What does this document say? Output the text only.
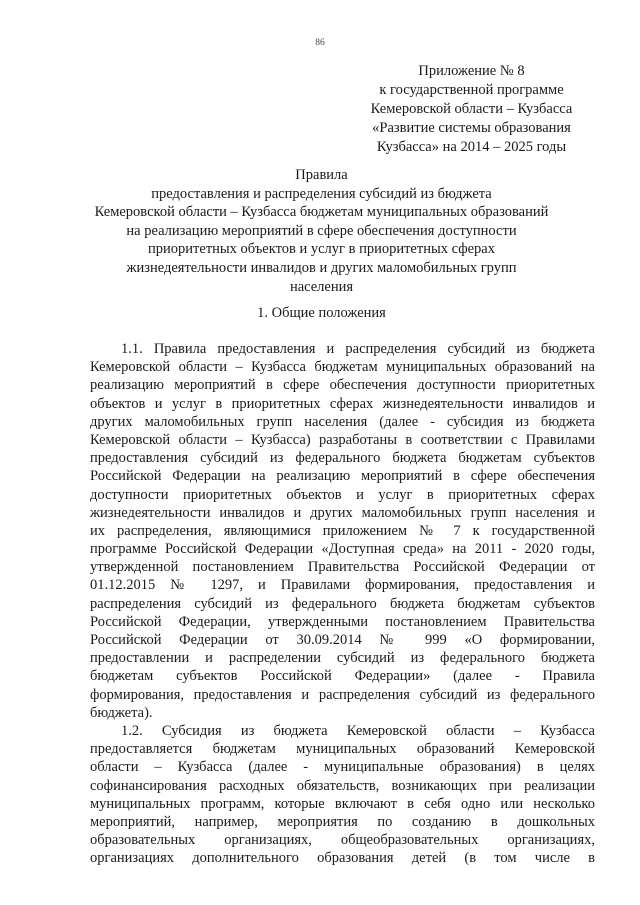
86
Приложение № 8
к государственной программе
Кемеровской области – Кузбасса
«Развитие системы образования
Кузбасса» на 2014 – 2025 годы
Правила
предоставления и распределения субсидий из бюджета
Кемеровской области – Кузбасса бюджетам муниципальных образований
на реализацию мероприятий в сфере обеспечения доступности
приоритетных объектов и услуг в приоритетных сферах
жизнедеятельности инвалидов и других маломобильных групп
населения
1. Общие положения
1.1. Правила предоставления и распределения субсидий из бюджета
Кемеровской области – Кузбасса бюджетам муниципальных образований на
реализацию мероприятий в сфере обеспечения доступности приоритетных
объектов и услуг в приоритетных сферах жизнедеятельности инвалидов и
других маломобильных групп населения (далее - субсидия из бюджета
Кемеровской области – Кузбасса) разработаны в соответствии с Правилами
предоставления субсидий из федерального бюджета бюджетам субъектов
Российской Федерации на реализацию мероприятий в сфере обеспечения
доступности приоритетных объектов и услуг в приоритетных сферах
жизнедеятельности инвалидов и других маломобильных групп населения и
их распределения, являющимися приложением № 7 к государственной
программе Российской Федерации «Доступная среда» на 2011 - 2020 годы,
утвержденной постановлением Правительства Российской Федерации от
01.12.2015 № 1297, и Правилами формирования, предоставления и
распределения субсидий из федерального бюджета бюджетам субъектов
Российской Федерации, утвержденными постановлением Правительства
Российской Федерации от 30.09.2014 № 999 «О формировании,
предоставлении и распределении субсидий из федерального бюджета
бюджетам субъектов Российской Федерации» (далее - Правила
формирования, предоставления и распределения субсидий из федерального
бюджета).
1.2. Субсидия из бюджета Кемеровской области – Кузбасса
предоставляется бюджетам муниципальных образований Кемеровской
области – Кузбасса (далее - муниципальные образования) в целях
софинансирования расходных обязательств, возникающих при реализации
муниципальных программ, которые включают в себя одно или несколько
мероприятий, например, мероприятия по созданию в дошкольных
образовательных организациях, общеобразовательных организациях,
организациях дополнительного образования детей (в том числе в
